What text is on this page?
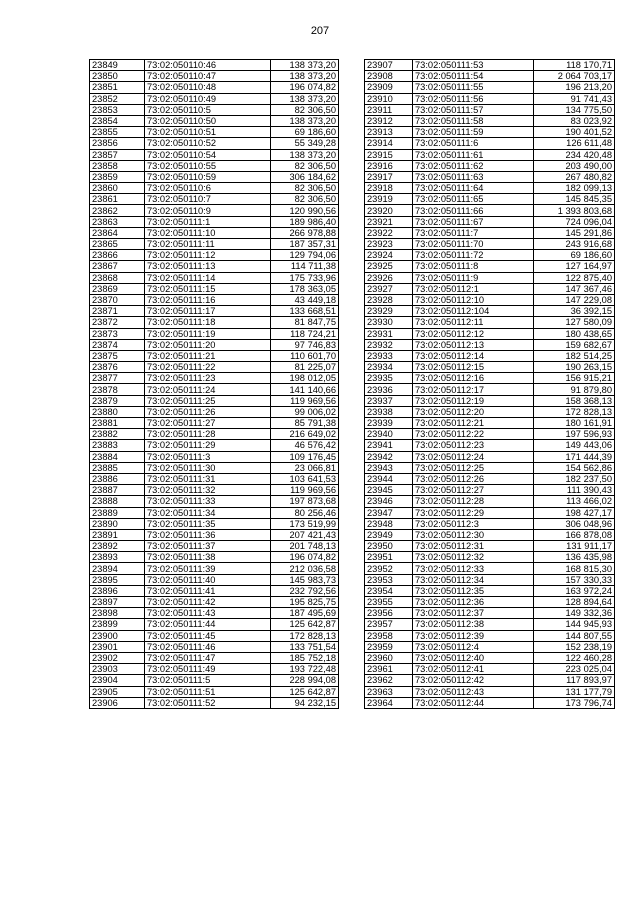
207
23849	73:02:050110:46	138 373,20
23850	73:02:050110:47	138 373,20
23851	73:02:050110:48	196 074,82
23852	73:02:050110:49	138 373,20
23853	73:02:050110:5	82 306,50
23854	73:02:050110:50	138 373,20
23855	73:02:050110:51	69 186,60
23856	73:02:050110:52	55 349,28
23857	73:02:050110:54	138 373,20
23858	73:02:050110:55	82 306,50
23859	73:02:050110:59	306 184,62
23860	73:02:050110:6	82 306,50
23861	73:02:050110:7	82 306,50
23862	73:02:050110:9	120 990,56
23863	73:02:050111:1	189 986,40
23864	73:02:050111:10	266 978,88
23865	73:02:050111:11	187 357,31
23866	73:02:050111:12	129 794,06
23867	73:02:050111:13	114 711,38
23868	73:02:050111:14	175 733,96
23869	73:02:050111:15	178 363,05
23870	73:02:050111:16	43 449,18
23871	73:02:050111:17	133 668,51
23872	73:02:050111:18	81 847,75
23873	73:02:050111:19	118 724,21
23874	73:02:050111:20	97 746,83
23875	73:02:050111:21	110 601,70
23876	73:02:050111:22	81 225,07
23877	73:02:050111:23	198 012,05
23878	73:02:050111:24	141 140,66
23879	73:02:050111:25	119 969,56
23880	73:02:050111:26	99 006,02
23881	73:02:050111:27	85 791,38
23882	73:02:050111:28	216 649,02
23883	73:02:050111:29	46 576,42
23884	73:02:050111:3	109 176,45
23885	73:02:050111:30	23 066,81
23886	73:02:050111:31	103 641,53
23887	73:02:050111:32	119 969,56
23888	73:02:050111:33	197 873,68
23889	73:02:050111:34	80 256,46
23890	73:02:050111:35	173 519,99
23891	73:02:050111:36	207 421,43
23892	73:02:050111:37	201 748,13
23893	73:02:050111:38	196 074,82
23894	73:02:050111:39	212 036,58
23895	73:02:050111:40	145 983,73
23896	73:02:050111:41	232 792,56
23897	73:02:050111:42	195 825,75
23898	73:02:050111:43	187 495,69
23899	73:02:050111:44	125 642,87
23900	73:02:050111:45	172 828,13
23901	73:02:050111:46	133 751,54
23902	73:02:050111:47	185 752,18
23903	73:02:050111:49	193 722,48
23904	73:02:050111:5	228 994,08
23905	73:02:050111:51	125 642,87
23906	73:02:050111:52	94 232,15
23907	73:02:050111:53	118 170,71
23908	73:02:050111:54	2 064 703,17
23909	73:02:050111:55	196 213,20
23910	73:02:050111:56	91 741,43
23911	73:02:050111:57	134 775,50
23912	73:02:050111:58	83 023,92
23913	73:02:050111:59	190 401,52
23914	73:02:050111:6	126 611,48
23915	73:02:050111:61	234 420,48
23916	73:02:050111:62	203 490,00
23917	73:02:050111:63	267 480,82
23918	73:02:050111:64	182 099,13
23919	73:02:050111:65	145 845,35
23920	73:02:050111:66	1 393 803,68
23921	73:02:050111:67	724 096,04
23922	73:02:050111:7	145 291,86
23923	73:02:050111:70	243 916,68
23924	73:02:050111:72	69 186,60
23925	73:02:050111:8	127 164,97
23926	73:02:050111:9	122 875,40
23927	73:02:050112:1	147 367,46
23928	73:02:050112:10	147 229,08
23929	73:02:050112:104	36 392,15
23930	73:02:050112:11	127 580,09
23931	73:02:050112:12	180 438,65
23932	73:02:050112:13	159 682,67
23933	73:02:050112:14	182 514,25
23934	73:02:050112:15	190 263,15
23935	73:02:050112:16	156 915,21
23936	73:02:050112:17	91 879,80
23937	73:02:050112:19	158 368,13
23938	73:02:050112:20	172 828,13
23939	73:02:050112:21	180 161,91
23940	73:02:050112:22	197 596,93
23941	73:02:050112:23	149 443,06
23942	73:02:050112:24	171 444,39
23943	73:02:050112:25	154 562,86
23944	73:02:050112:26	182 237,50
23945	73:02:050112:27	111 390,43
23946	73:02:050112:28	113 466,02
23947	73:02:050112:29	198 427,17
23948	73:02:050112:3	306 048,96
23949	73:02:050112:30	166 878,08
23950	73:02:050112:31	131 911,17
23951	73:02:050112:32	136 435,98
23952	73:02:050112:33	168 815,30
23953	73:02:050112:34	157 330,33
23954	73:02:050112:35	163 972,24
23955	73:02:050112:36	128 894,64
23956	73:02:050112:37	149 332,36
23957	73:02:050112:38	144 945,93
23958	73:02:050112:39	144 807,55
23959	73:02:050112:4	152 238,19
23960	73:02:050112:40	122 460,28
23961	73:02:050112:41	223 025,04
23962	73:02:050112:42	117 893,97
23963	73:02:050112:43	131 177,79
23964	73:02:050112:44	173 796,74
